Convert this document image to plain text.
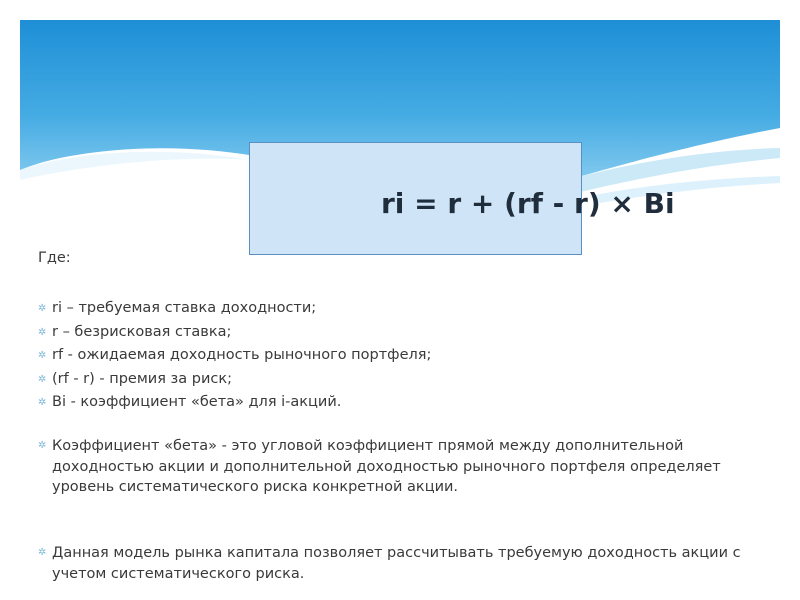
ri = r + (rf - r) × Bi

Где:

✲ ri – требуемая ставка доходности;
✲ r – безрисковая ставка;
✲ rf - ожидаемая доходность рыночного портфеля;
✲ (rf - r) - премия за риск;
✲ Bi - коэффициент «бета» для i-акций.

✲ Коэффициент «бета» - это угловой коэффициент прямой между дополнительной доходностью акции и дополнительной доходностью рыночного портфеля определяет уровень систематического риска конкретной акции.

✲ Данная модель рынка капитала позволяет рассчитывать требуемую доходность акции с учетом систематического риска.
